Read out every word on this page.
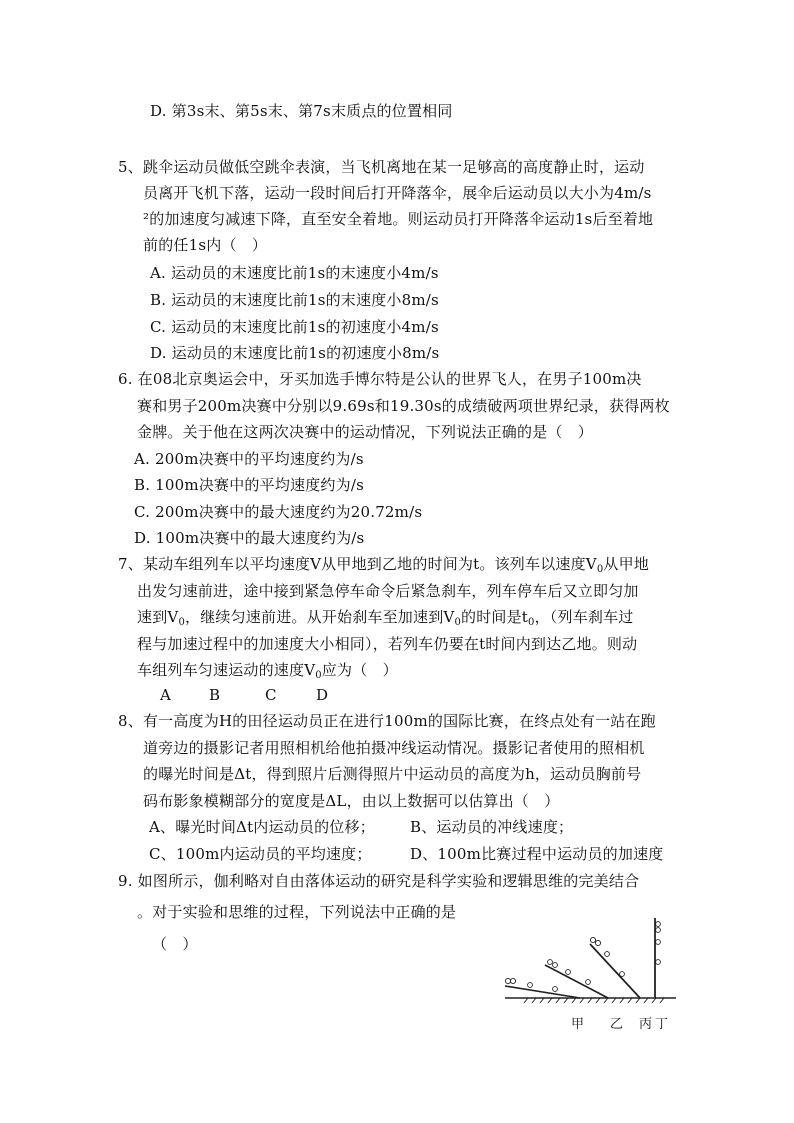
D. 第3s末、第5s末、第7s末质点的位置相同
5、跳伞运动员做低空跳伞表演，当飞机离地在某一足够高的高度静止时，运动
员离开飞机下落，运动一段时间后打开降落伞，展伞后运动员以大小为4m/s
²的加速度匀减速下降，直至安全着地。则运动员打开降落伞运动1s后至着地
前的任1s内（　）
A. 运动员的末速度比前1s的末速度小4m/s
B. 运动员的末速度比前1s的末速度小8m/s
C. 运动员的末速度比前1s的初速度小4m/s
D. 运动员的末速度比前1s的初速度小8m/s
6. 在08北京奥运会中，牙买加选手博尔特是公认的世界飞人，在男子100m决
赛和男子200m决赛中分别以9.69s和19.30s的成绩破两项世界纪录，获得两枚
金牌。关于他在这两次决赛中的运动情况，下列说法正确的是（　）
A. 200m决赛中的平均速度约为/s
B. 100m决赛中的平均速度约为/s
C. 200m决赛中的最大速度约为20.72m/s
D. 100m决赛中的最大速度约为/s
7、某动车组列车以平均速度V从甲地到乙地的时间为t。该列车以速度$V_0$从甲地
出发匀速前进，途中接到紧急停车命令后紧急刹车，列车停车后又立即匀加
速到$V_0$，继续匀速前进。从开始刹车至加速到$V_0$的时间是$t_0$，（列车刹车过
程与加速过程中的加速度大小相同），若列车仍要在t时间内到达乙地。则动
车组列车匀速运动的速度$V_0$应为（　）
A	B	C	D
8、有一高度为H的田径运动员正在进行100m的国际比赛，在终点处有一站在跑
道旁边的摄影记者用照相机给他拍摄冲线运动情况。摄影记者使用的照相机
的曝光时间是Δt，得到照片后测得照片中运动员的高度为h，运动员胸前号
码布影象模糊部分的宽度是ΔL，由以上数据可以估算出（　）
A、曝光时间Δt内运动员的位移； B、运动员的冲线速度；
C、100m内运动员的平均速度；	D、100m比赛过程中运动员的加速度
9. 如图所示，伽利略对自由落体运动的研究是科学实验和逻辑思维的完美结合
。对于实验和思维的过程，下列说法中正确的是
（　）
甲 乙 丙 丁
